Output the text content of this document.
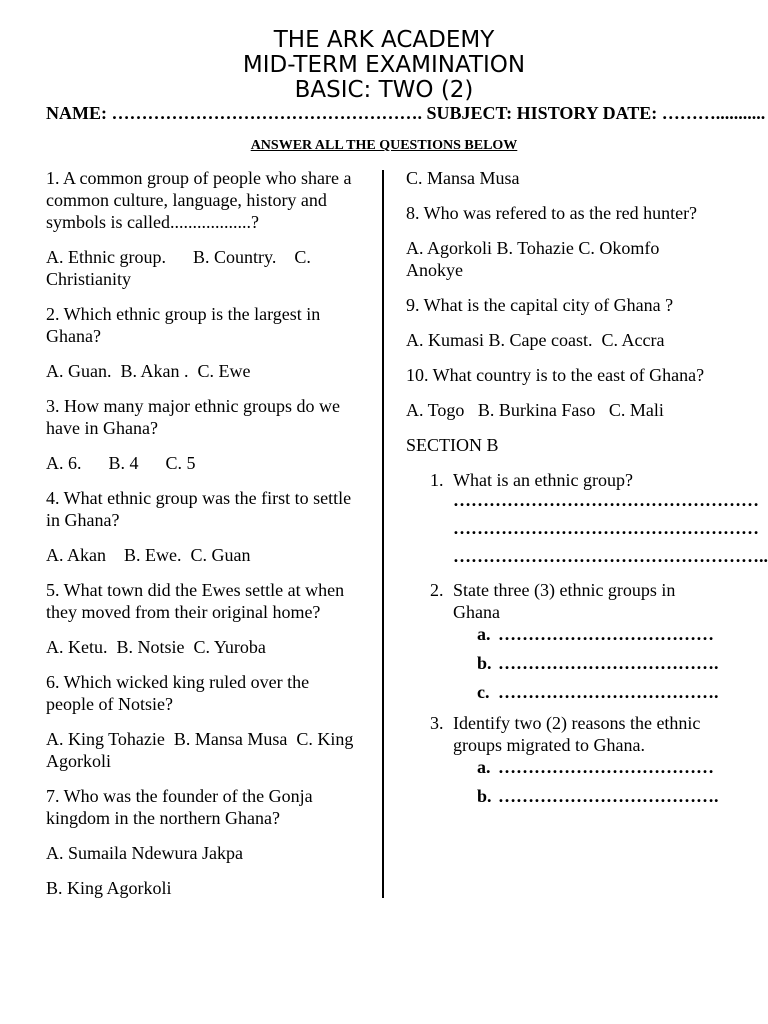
THE ARK ACADEMY
MID-TERM EXAMINATION
BASIC: TWO (2)
NAME: ……………………………………………. SUBJECT: HISTORY DATE: ………...........
ANSWER ALL THE QUESTIONS BELOW

1. A common group of people who share a common culture, language, history and symbols is called..................?

A. Ethnic group.      B. Country.    C. Christianity

2. Which ethnic group is the largest in Ghana?

A. Guan.  B. Akan .  C. Ewe

3. How many major ethnic groups do we have in Ghana?

A. 6.      B. 4      C. 5

4. What ethnic group was the first to settle in Ghana?

A. Akan    B. Ewe.  C. Guan

5. What town did the Ewes settle at when they moved from their original home?

A. Ketu.  B. Notsie  C. Yuroba

6. Which wicked king ruled over the people of Notsie?

A. King Tohazie  B. Mansa Musa  C. King Agorkoli

7. Who was the founder of the Gonja kingdom in the northern Ghana?

A. Sumaila Ndewura Jakpa

B. King Agorkoli

C. Mansa Musa

8. Who was refered to as the red hunter?

A. Agorkoli B. Tohazie C. Okomfo Anokye

9. What is the capital city of Ghana ?

A. Kumasi B. Cape coast.  C. Accra

10. What country is to the east of Ghana?

A. Togo   B. Burkina Faso   C. Mali

SECTION B

1. What is an ethnic group?
……………………………………………
……………………………………………
……………………………………………..
2. State three (3) ethnic groups in Ghana
a. ………………………………
b. ……………………………….
c. ……………………………….
3. Identify two (2) reasons the ethnic groups migrated to Ghana.
a. ………………………………
b. ……………………………….
